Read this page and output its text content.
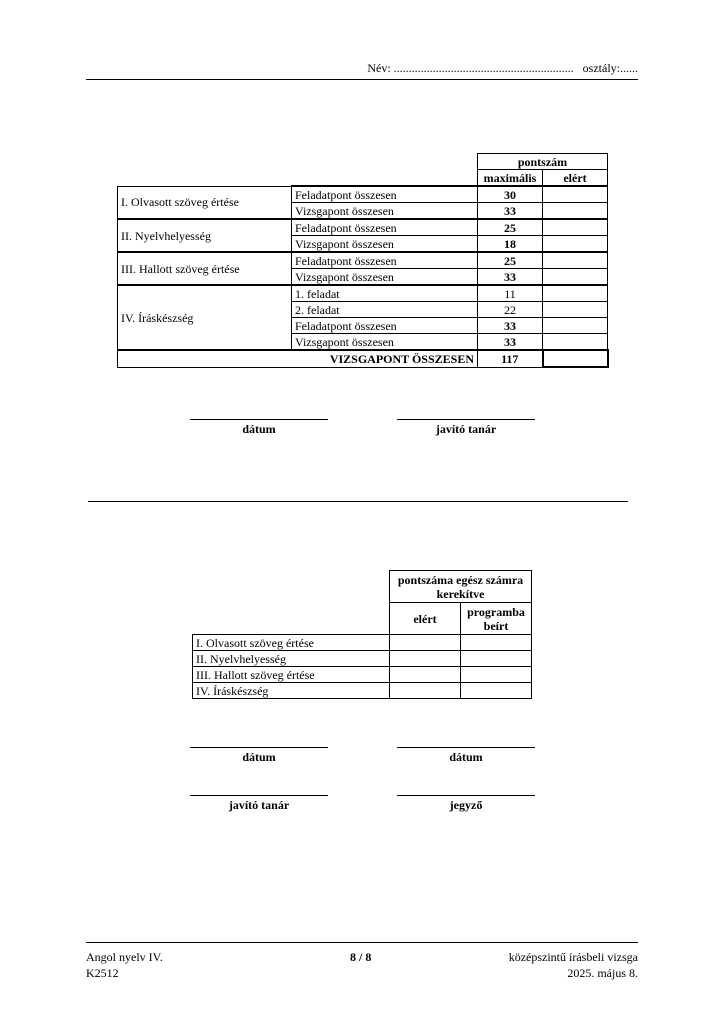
Név: ............................................................ osztály:......
		pontszám	
		maximális	elért
I. Olvasott szöveg értése	Feladatpont összesen	30	
	Vizsgapont összesen	33	
II. Nyelvhelyesség	Feladatpont összesen	25	
	Vizsgapont összesen	18	
III. Hallott szöveg értése	Feladatpont összesen	25	
	Vizsgapont összesen	33	
IV. Íráskészség	1. feladat	11	
	2. feladat	22	
	Feladatpont összesen	33	
	Vizsgapont összesen	33	
VIZSGAPONT ÖSSZESEN		117	
dátum	javító tanár
	pontszáma egész számra kerekítve	
	elért	programba beírt
I. Olvasott szöveg értése		
II. Nyelvhelyesség		
III. Hallott szöveg értése		
IV. Íráskészség		
dátum	dátum
javító tanár	jegyző
Angol nyelv IV.
K2512
8 / 8	középszintű írásbeli vizsga
2025. május 8.
